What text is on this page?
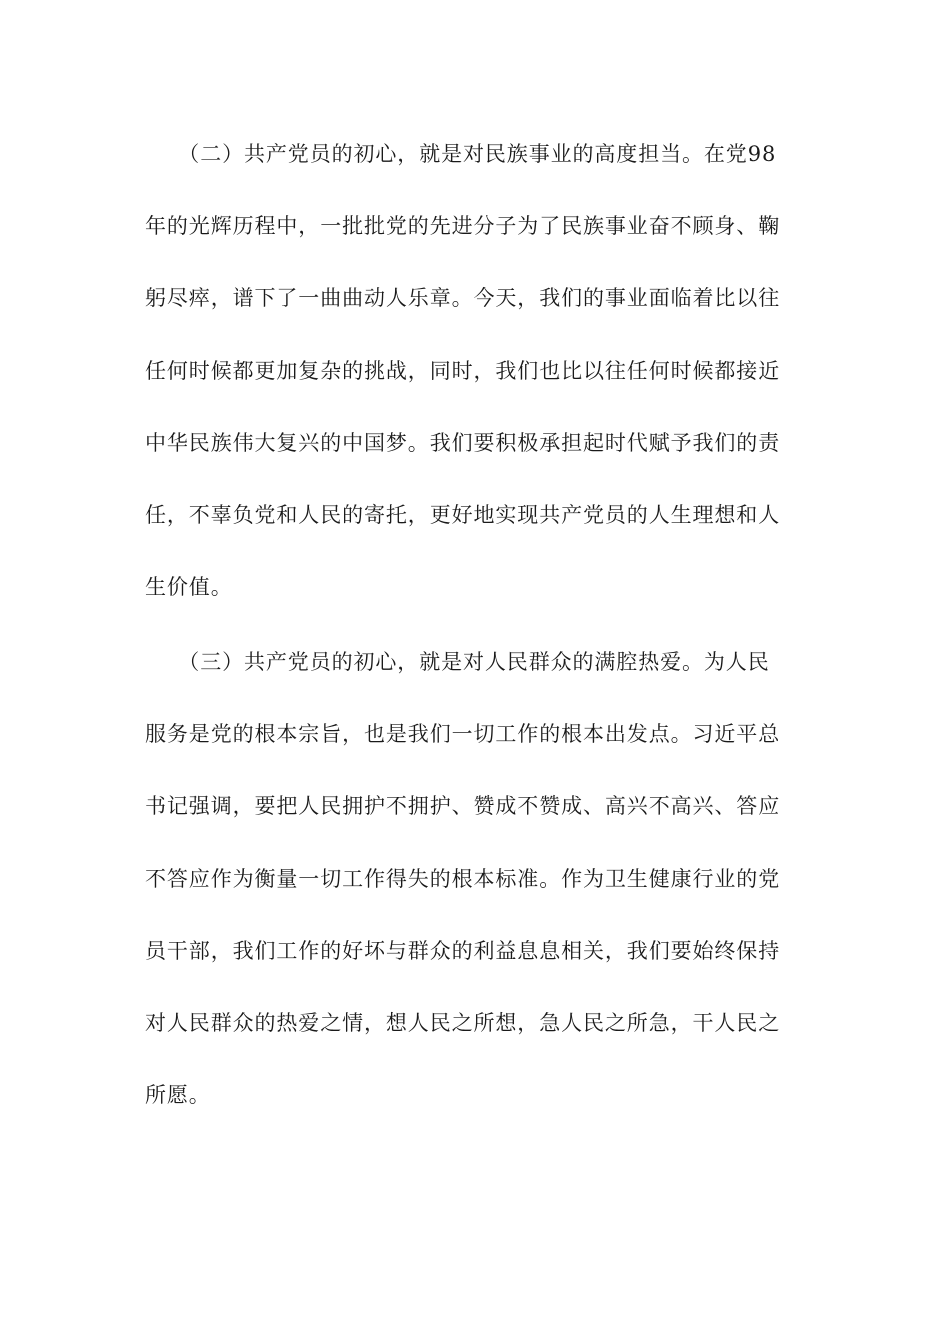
　　（二）共产党员的初心，就是对民族事业的高度担当。在党98
年的光辉历程中，一批批党的先进分子为了民族事业奋不顾身、鞠
躬尽瘁，谱下了一曲曲动人乐章。今天，我们的事业面临着比以往
任何时候都更加复杂的挑战，同时，我们也比以往任何时候都接近
中华民族伟大复兴的中国梦。我们要积极承担起时代赋予我们的责
任，不辜负党和人民的寄托，更好地实现共产党员的人生理想和人
生价值。

　　（三）共产党员的初心，就是对人民群众的满腔热爱。为人民
服务是党的根本宗旨，也是我们一切工作的根本出发点。习近平总
书记强调，要把人民拥护不拥护、赞成不赞成、高兴不高兴、答应
不答应作为衡量一切工作得失的根本标准。作为卫生健康行业的党
员干部，我们工作的好坏与群众的利益息息相关，我们要始终保持
对人民群众的热爱之情，想人民之所想，急人民之所急，干人民之
所愿。
